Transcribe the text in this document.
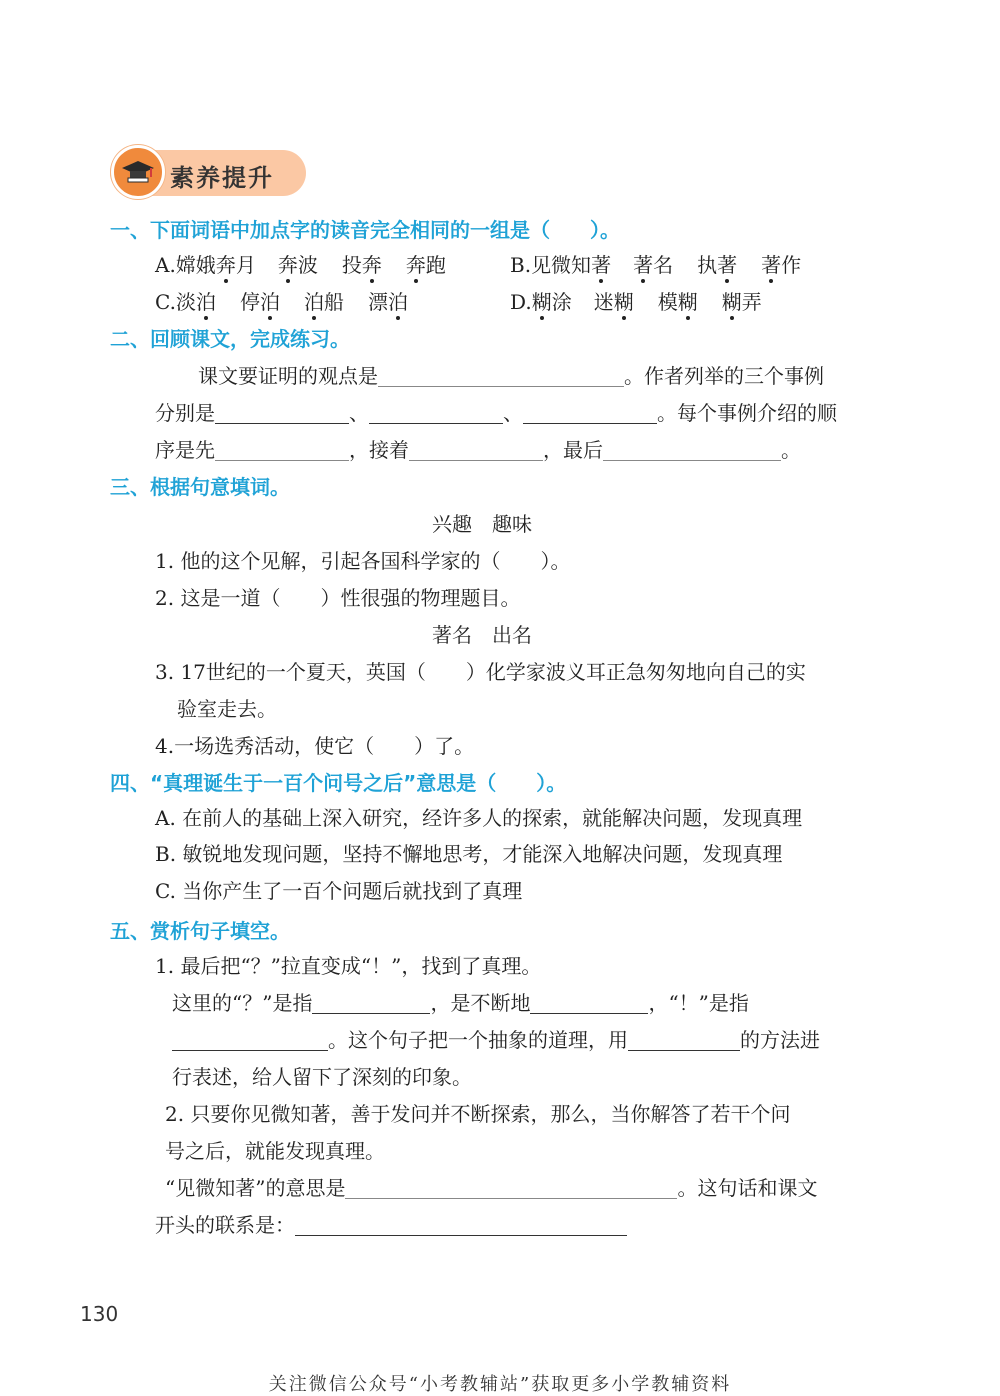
素养提升
一、下面词语中加点字的读音完全相同的一组是（　　）。
A.嫦娥奔月 奔波 投奔 奔跑	B.见微知著 著名 执著 著作
C.淡泊 停泊 泊船 漂泊	D.糊涂 迷糊 模糊 糊弄
二、回顾课文，完成练习。
课文要证明的观点是	。作者列举的三个事例
分别是	、	、	。每个事例介绍的顺
序是先	，接着	，最后	。
三、根据句意填词。
兴趣　趣味
1. 他的这个见解，引起各国科学家的（　　）。
2. 这是一道（　　）性很强的物理题目。
著名　出名
3. 17世纪的一个夏天，英国（　　）化学家波义耳正急匆匆地向自己的实
验室走去。
4.一场选秀活动，使它（　　）了。
四、“真理诞生于一百个问号之后”意思是（　　）。
A. 在前人的基础上深入研究，经许多人的探索，就能解决问题，发现真理
B. 敏锐地发现问题，坚持不懈地思考，才能深入地解决问题，发现真理
C. 当你产生了一百个问题后就找到了真理
五、赏析句子填空。
1. 最后把“？”拉直变成“！”，找到了真理。
这里的“？”是指	，是不断地	，“！”是指
。这个句子把一个抽象的道理，用	的方法进
行表述，给人留下了深刻的印象。
2. 只要你见微知著，善于发问并不断探索，那么，当你解答了若干个问
号之后，就能发现真理。
“见微知著”的意思是	。这句话和课文
开头的联系是：
130
关注微信公众号“小考教辅站”获取更多小学教辅资料
